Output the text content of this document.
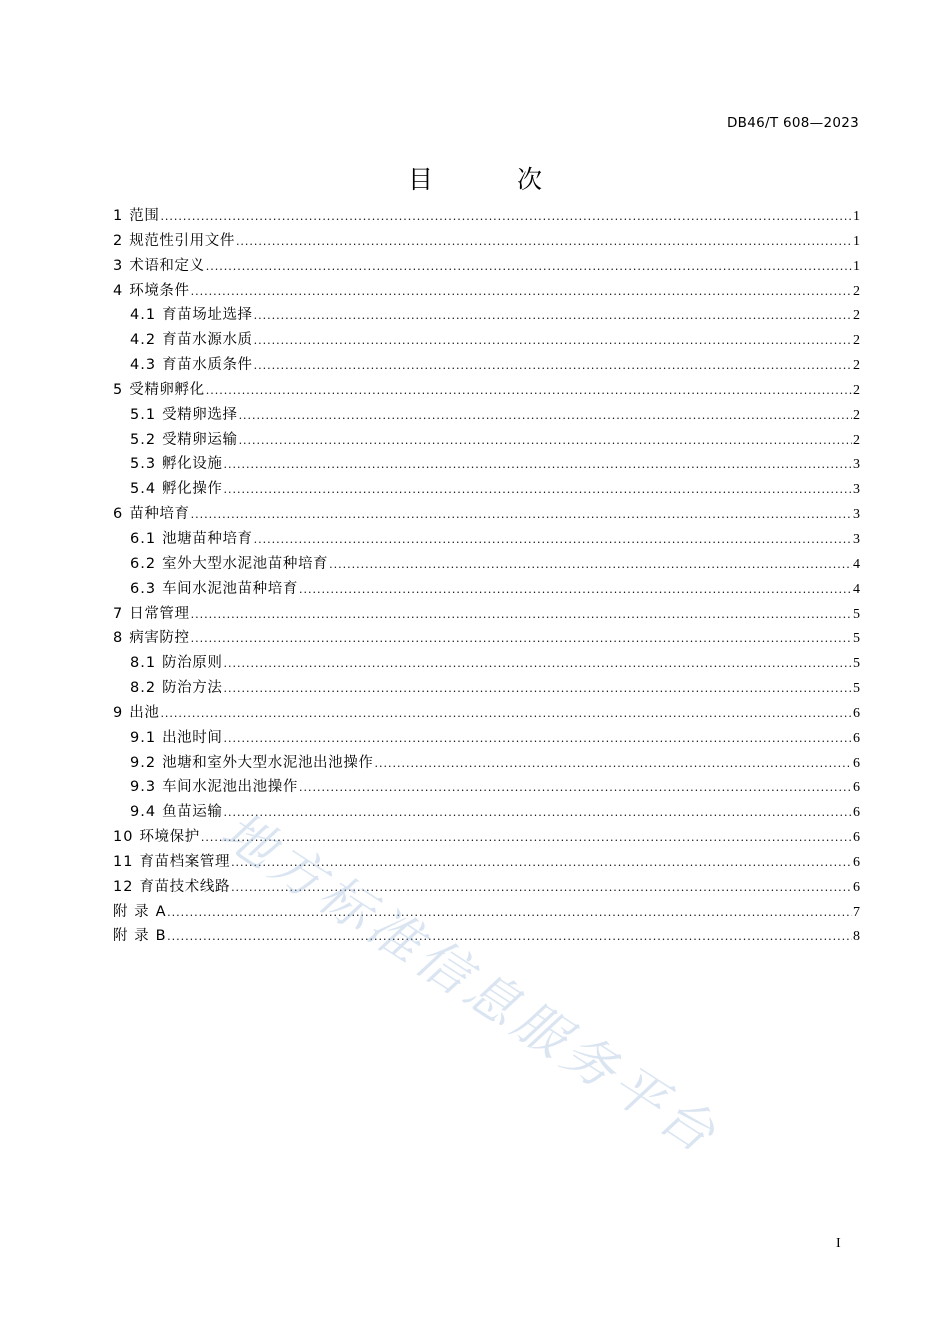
DB46/T 608—2023
目 次
1 范围 .....	1
2 规范性引用文件 .....	1
3 术语和定义 .....	1
4 环境条件 .....	2
4.1 育苗场址选择 .....	2
4.2 育苗水源水质 .....	2
4.3 育苗水质条件 .....	2
5 受精卵孵化 .....	2
5.1 受精卵选择 .....	2
5.2 受精卵运输 .....	2
5.3 孵化设施 .....	3
5.4 孵化操作 .....	3
6 苗种培育 .....	3
6.1 池塘苗种培育 .....	3
6.2 室外大型水泥池苗种培育 .....	4
6.3 车间水泥池苗种培育 .....	4
7 日常管理 .....	5
8 病害防控 .....	5
8.1 防治原则 .....	5
8.2 防治方法 .....	5
9 出池 .....	6
9.1 出池时间 .....	6
9.2 池塘和室外大型水泥池出池操作 .....	6
9.3 车间水泥池出池操作 .....	6
9.4 鱼苗运输 .....	6
10 环境保护 .....	6
11 育苗档案管理 .....	6
12 育苗技术线路 .....	6
附 录 A .....	7
附 录 B .....	8
地方标准信息服务平台
I
